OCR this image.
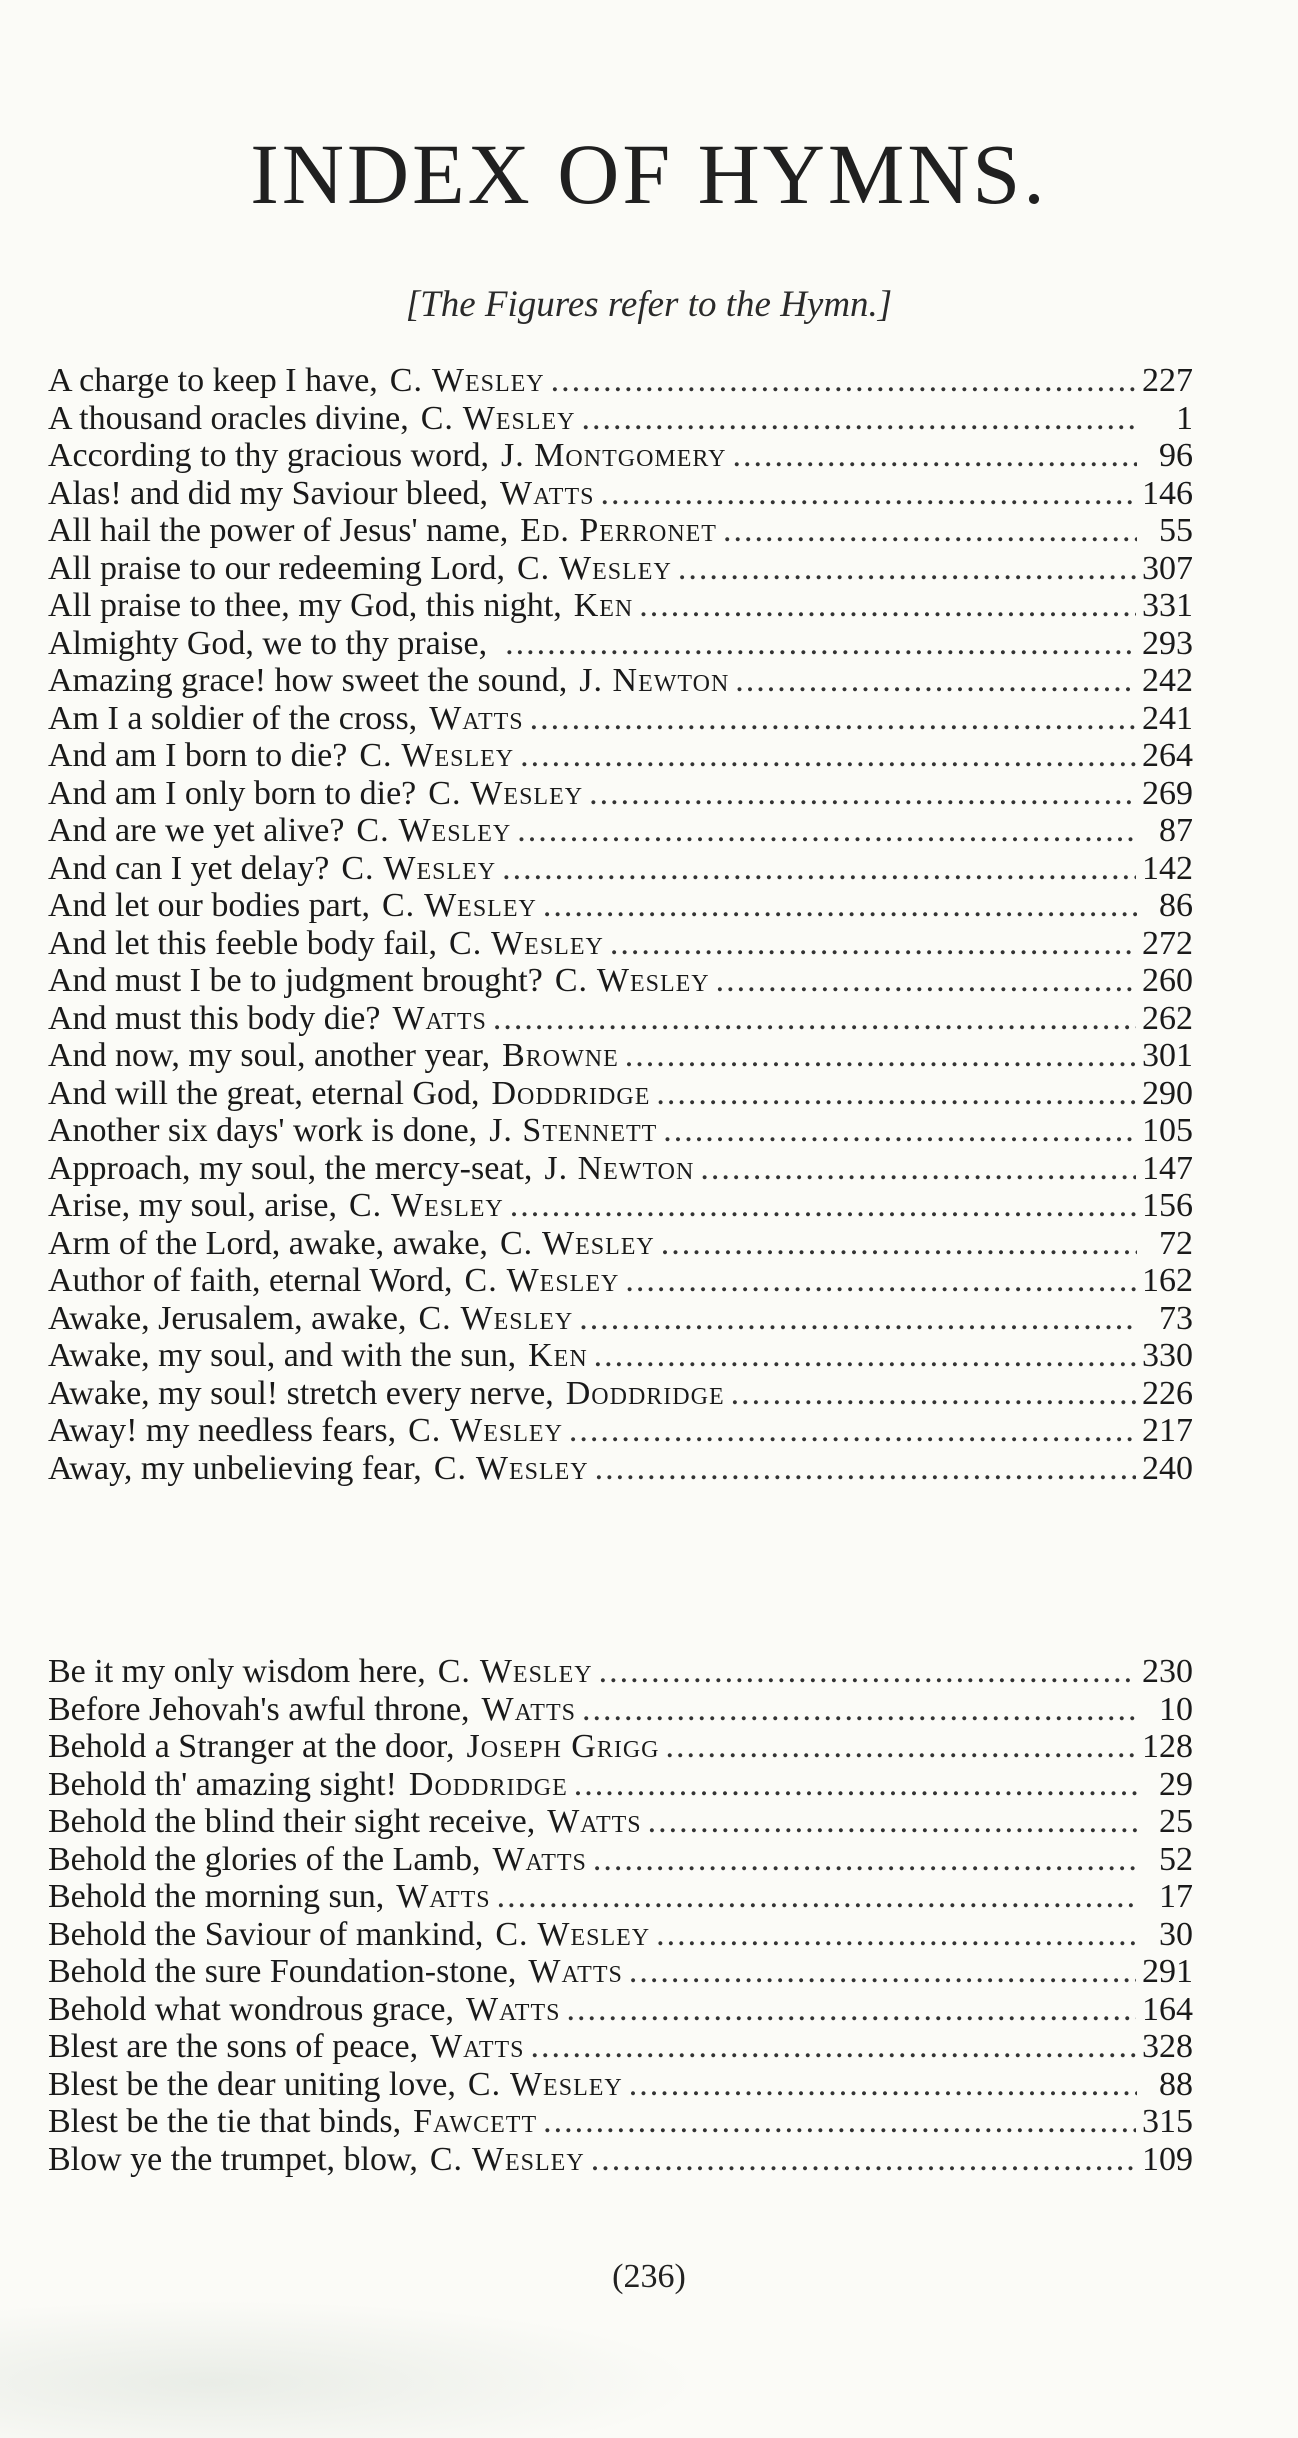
INDEX OF HYMNS.
[The Figures refer to the Hymn.]
A charge to keep I have, C. Wesley .....	227
A thousand oracles divine, C. Wesley .....	1
According to thy gracious word, J. Montgomery .....	96
Alas! and did my Saviour bleed, Watts .....	146
All hail the power of Jesus' name, Ed. Perronet .....	55
All praise to our redeeming Lord, C. Wesley .....	307
All praise to thee, my God, this night, Ken .....	331
Almighty God, we to thy praise, .....	293
Amazing grace! how sweet the sound, J. Newton .....	242
Am I a soldier of the cross, Watts .....	241
And am I born to die? C. Wesley .....	264
And am I only born to die? C. Wesley .....	269
And are we yet alive? C. Wesley .....	87
And can I yet delay? C. Wesley .....	142
And let our bodies part, C. Wesley .....	86
And let this feeble body fail, C. Wesley .....	272
And must I be to judgment brought? C. Wesley .....	260
And must this body die? Watts .....	262
And now, my soul, another year, Browne .....	301
And will the great, eternal God, Doddridge .....	290
Another six days' work is done, J. Stennett .....	105
Approach, my soul, the mercy-seat, J. Newton .....	147
Arise, my soul, arise, C. Wesley .....	156
Arm of the Lord, awake, awake, C. Wesley .....	72
Author of faith, eternal Word, C. Wesley .....	162
Awake, Jerusalem, awake, C. Wesley .....	73
Awake, my soul, and with the sun, Ken .....	330
Awake, my soul! stretch every nerve, Doddridge .....	226
Away! my needless fears, C. Wesley .....	217
Away, my unbelieving fear, C. Wesley .....	240
Be it my only wisdom here, C. Wesley .....	230
Before Jehovah's awful throne, Watts .....	10
Behold a Stranger at the door, Joseph Grigg .....	128
Behold th' amazing sight! Doddridge .....	29
Behold the blind their sight receive, Watts .....	25
Behold the glories of the Lamb, Watts .....	52
Behold the morning sun, Watts .....	17
Behold the Saviour of mankind, C. Wesley .....	30
Behold the sure Foundation-stone, Watts .....	291
Behold what wondrous grace, Watts .....	164
Blest are the sons of peace, Watts .....	328
Blest be the dear uniting love, C. Wesley .....	88
Blest be the tie that binds, Fawcett .....	315
Blow ye the trumpet, blow, C. Wesley .....	109
(236)
